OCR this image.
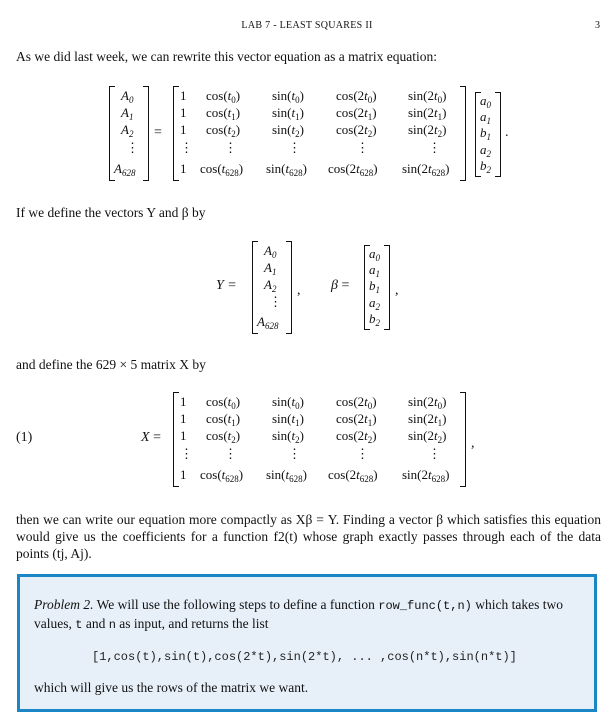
LAB 7 - LEAST SQUARES II	3
As we did last week, we can rewrite this vector equation as a matrix equation:
$A_0$
$A_1$
$A_2$
⋮
$A_{628}$
=
1 $\cos(t_0)$ $\sin(t_0)$ $\cos(2t_0)$ $\sin(2t_0)$
1 $\cos(t_1)$ $\sin(t_1)$ $\cos(2t_1)$ $\sin(2t_1)$
1 $\cos(t_2)$ $\sin(t_2)$ $\cos(2t_2)$ $\sin(2t_2)$
⋮ ⋮	⋮	⋮	⋮
1 $\cos(t_{628})$ $\sin(t_{628})$ $\cos(2t_{628})$ $\sin(2t_{628})$
$a_0$
$a_1$
$b_1$
$a_2$
$b_2$
.
If we define the vectors Y and β by
Y =
$A_0$
$A_1$
$A_2$
⋮
$A_{628}$
, β =
$a_0$
$a_1$
$b_1$
$a_2$
$b_2$
,
and define the 629 × 5 matrix X by
(1)	X =
1 $\cos(t_0)$ $\sin(t_0)$ $\cos(2t_0)$ $\sin(2t_0)$
1 $\cos(t_1)$ $\sin(t_1)$ $\cos(2t_1)$ $\sin(2t_1)$
1 $\cos(t_2)$ $\sin(t_2)$ $\cos(2t_2)$ $\sin(2t_2)$
⋮ ⋮	⋮	⋮	⋮
1 $\cos(t_{628})$ $\sin(t_{628})$ $\cos(2t_{628})$ $\sin(2t_{628})$
,
then we can write our equation more compactly as Xβ = Y. Finding a vector β which satisfies this equation would give us the coefficients for a function f2(t) whose graph exactly passes through each of the data points (tj, Aj).
Problem 2. We will use the following steps to define a function row_func(t,n) which takes two values, t and n as input, and returns the list
[1,cos(t),sin(t),cos(2*t),sin(2*t), ... ,cos(n*t),sin(n*t)]
which will give us the rows of the matrix we want.
